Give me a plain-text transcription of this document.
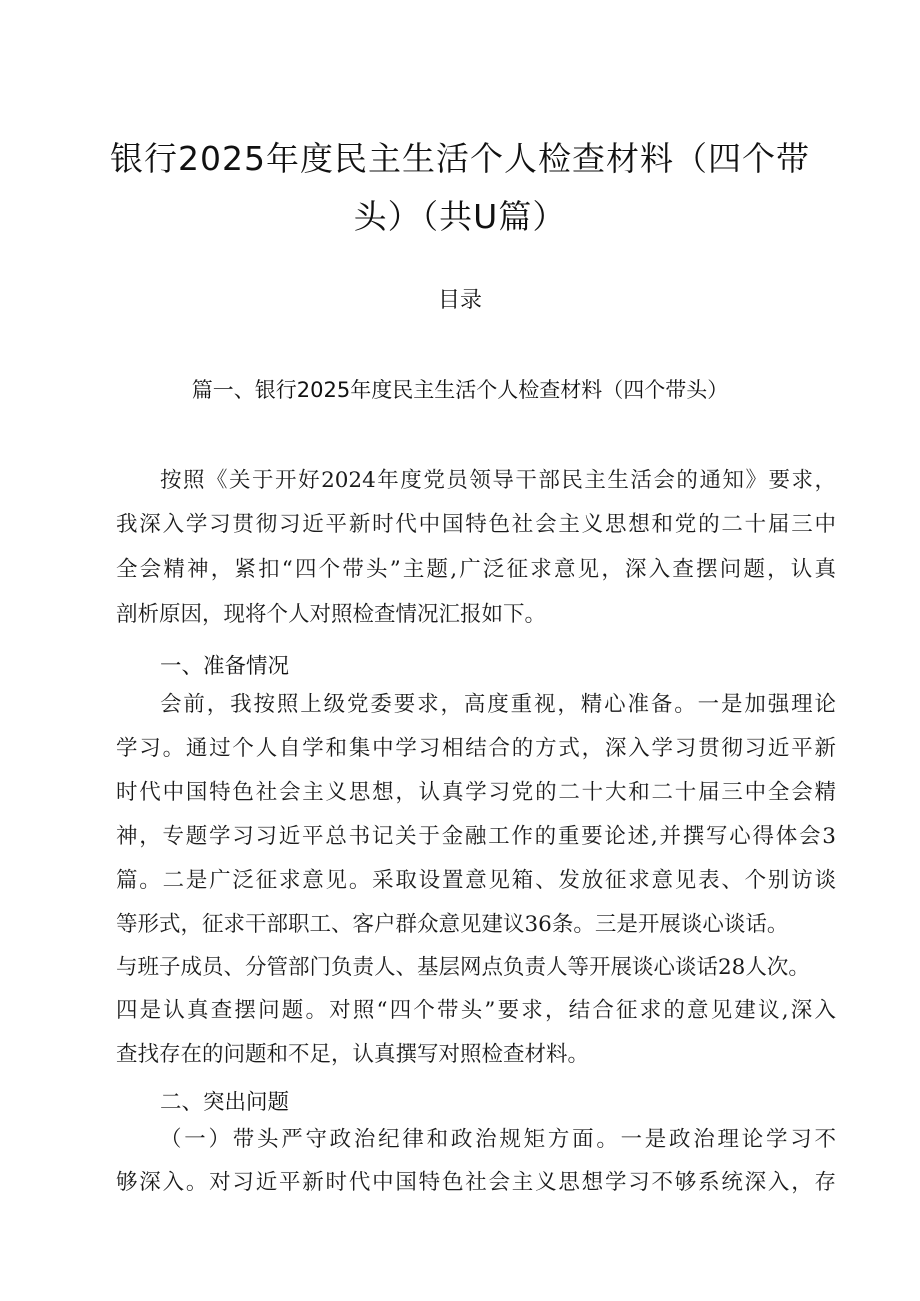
银行2025年度民主生活个人检查材料（四个带
头）（共U篇）
目录
篇一、银行2025年度民主生活个人检查材料（四个带头）
按照《关于开好2024年度党员领导干部民主生活会的通知》要求，
我深入学习贯彻习近平新时代中国特色社会主义思想和党的二十届三中
全会精神，紧扣“四个带头”主题,广泛征求意见，深入查摆问题，认真
剖析原因，现将个人对照检查情况汇报如下。
一、准备情况
会前，我按照上级党委要求，高度重视，精心准备。一是加强理论
学习。通过个人自学和集中学习相结合的方式，深入学习贯彻习近平新
时代中国特色社会主义思想，认真学习党的二十大和二十届三中全会精
神，专题学习习近平总书记关于金融工作的重要论述,并撰写心得体会3
篇。二是广泛征求意见。采取设置意见箱、发放征求意见表、个别访谈
等形式，征求干部职工、客户群众意见建议36条。三是开展谈心谈话。
与班子成员、分管部门负责人、基层网点负责人等开展谈心谈话28人次。
四是认真查摆问题。对照“四个带头”要求，结合征求的意见建议,深入
查找存在的问题和不足，认真撰写对照检查材料。
二、突出问题
（一）带头严守政治纪律和政治规矩方面。一是政治理论学习不
够深入。对习近平新时代中国特色社会主义思想学习不够系统深入，存
